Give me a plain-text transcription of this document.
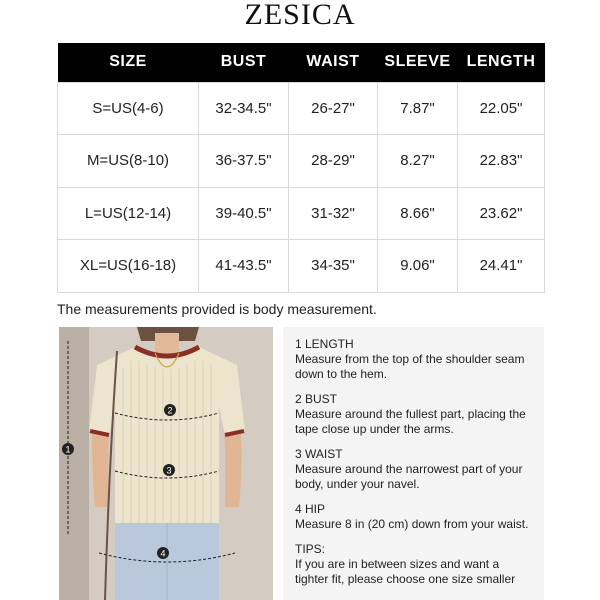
ZESICA
SIZE	BUST	WAIST	SLEEVE	LENGTH
S=US(4-6)	32-34.5"	26-27"	7.87"	22.05"
M=US(8-10)	36-37.5"	28-29"	8.27"	22.83"
L=US(12-14)	39-40.5"	31-32"	8.66"	23.62"
XL=US(16-18)	41-43.5"	34-35"	9.06"	24.41"
The measurements provided is body measurement.
1
2
3
4
1 LENGTH
Measure from the top of the shoulder seam down to the hem.
2 BUST
Measure around the fullest part, placing the tape close up under the arms.
3 WAIST
Measure around the narrowest part of your body, under your navel.
4 HIP
Measure 8 in (20 cm) down from your waist.
TIPS:
If you are in between sizes and want a tighter fit, please choose one size smaller
